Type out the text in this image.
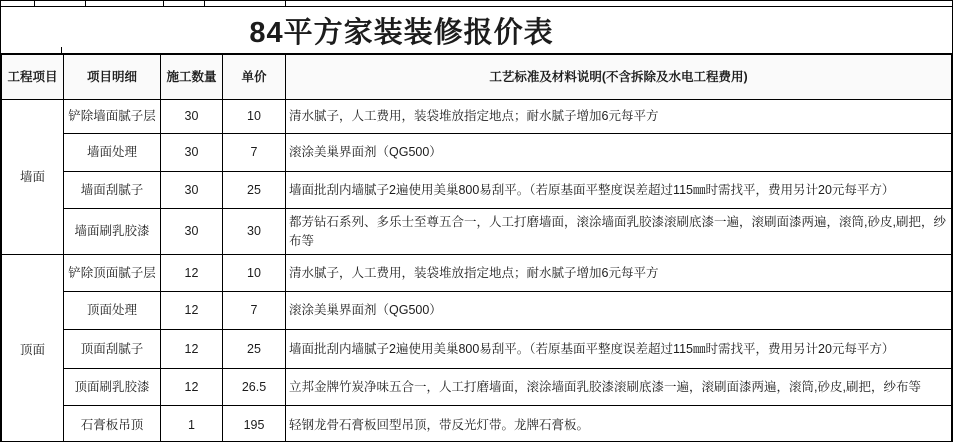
84平方家装装修报价表
工程项目	项目明细	施工数量	单价	工艺标准及材料说明(不含拆除及水电工程费用)
墙面	铲除墙面腻子层	30	10	清水腻子，人工费用，装袋堆放指定地点；耐水腻子增加6元每平方
	墙面处理	30	7	滚涂美巢界面剂（QG500）
	墙面刮腻子	30	25	墙面批刮内墙腻子2遍使用美巢800易刮平。（若原基面平整度误差超过115㎜时需找平，费用另计20元每平方）
	墙面刷乳胶漆	30	30	都芳钻石系列、多乐士至尊五合一，人工打磨墙面，滚涂墙面乳胶漆滚刷底漆一遍，滚刷面漆两遍，滚筒,砂皮,刷把，纱布等
顶面	铲除顶面腻子层	12	10	清水腻子，人工费用，装袋堆放指定地点；耐水腻子增加6元每平方
	顶面处理	12	7	滚涂美巢界面剂（QG500）
	顶面刮腻子	12	25	墙面批刮内墙腻子2遍使用美巢800易刮平。（若原基面平整度误差超过115㎜时需找平，费用另计20元每平方）
	顶面刷乳胶漆	12	26.5	立邦金牌竹炭净味五合一，人工打磨墙面，滚涂墙面乳胶漆滚刷底漆一遍，滚刷面漆两遍，滚筒,砂皮,刷把，纱布等
	石膏板吊顶	1	195	轻钢龙骨石膏板回型吊顶，带反光灯带。龙牌石膏板。
